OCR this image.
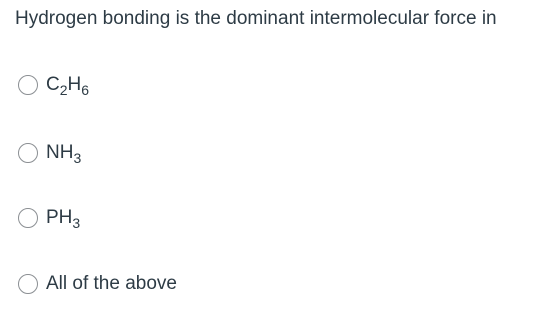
Hydrogen bonding is the dominant intermolecular force in
$C_2H_6$
$NH_3$
$PH_3$
All of the above
